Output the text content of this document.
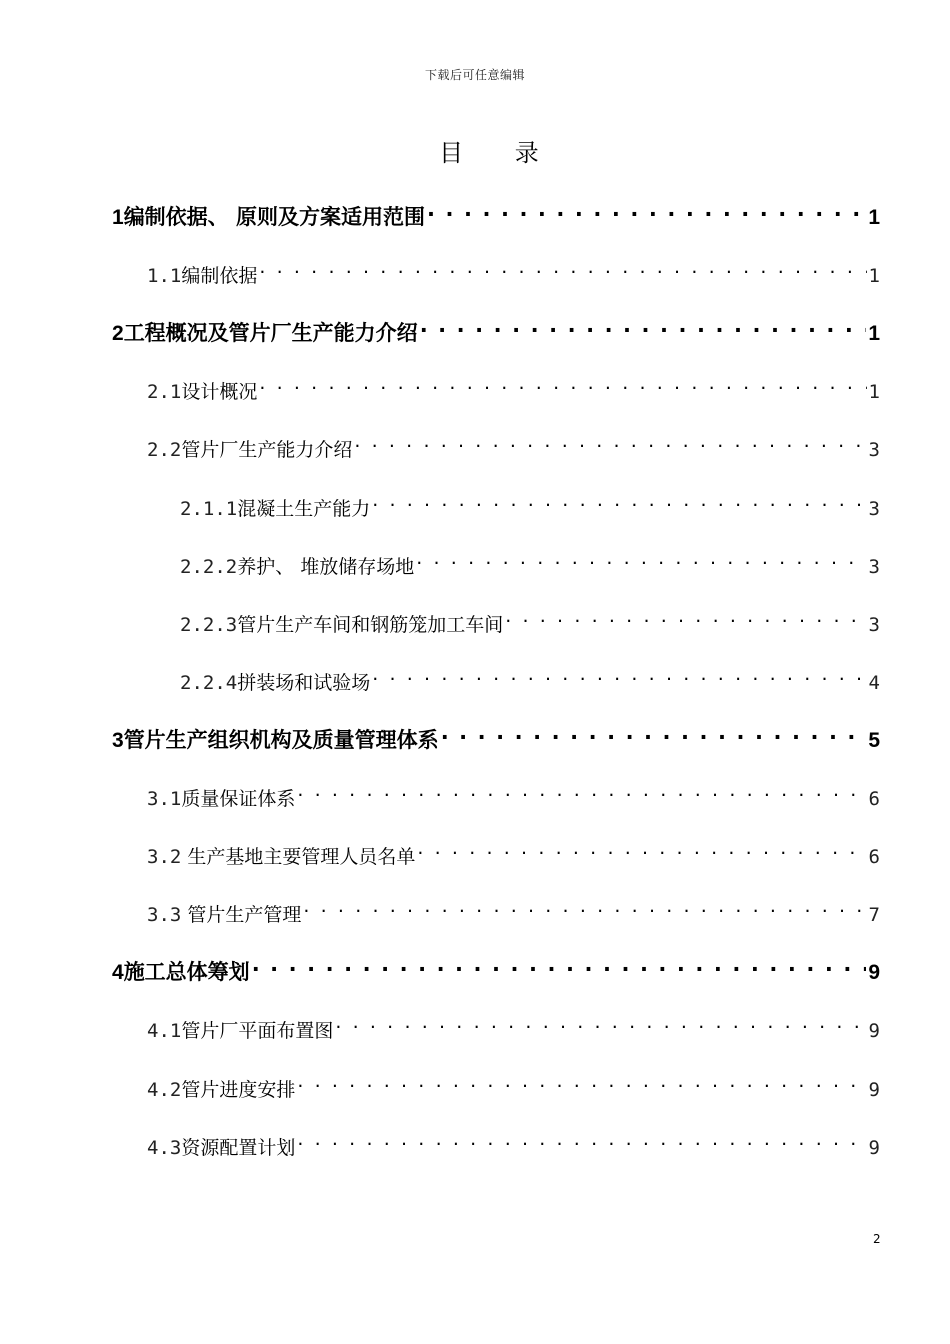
下载后可任意编辑
目 录
1编制依据、 原则及方案适用范围 . . .	1
1.1编制依据 . . .	1
2工程概况及管片厂生产能力介绍 . . .	1
2.1设计概况 . . .	1
2.2管片厂生产能力介绍 . . .	3
2.1.1混凝土生产能力 . . .	3
2.2.2养护、 堆放储存场地 . . .	3
2.2.3管片生产车间和钢筋笼加工车间 . . .	3
2.2.4拼装场和试验场 . . .	4
3管片生产组织机构及质量管理体系 . . .	5
3.1质量保证体系 . . .	6
3.2 生产基地主要管理人员名单 . . .	6
3.3 管片生产管理 . . .	7
4施工总体筹划 . . .	9
4.1管片厂平面布置图 . . .	9
4.2管片进度安排 . . .	9
4.3资源配置计划 . . .	9
2
